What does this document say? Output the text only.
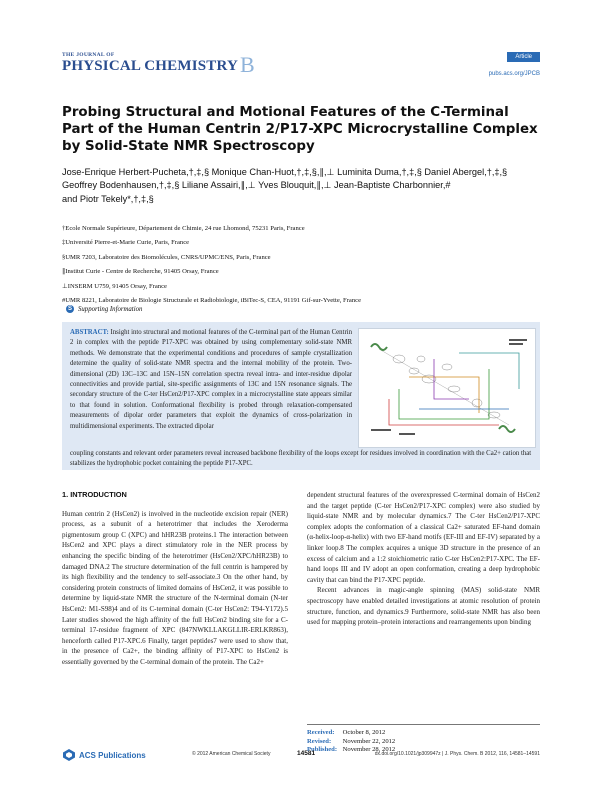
THE JOURNAL OF
PHYSICAL CHEMISTRYB	Article
pubs.acs.org/JPCB
Probing Structural and Motional Features of the C-Terminal Part of the Human Centrin 2/P17-XPC Microcrystalline Complex by Solid-State NMR Spectroscopy
Jose-Enrique Herbert-Pucheta,†,‡,§ Monique Chan-Huot,†,‡,§,∥,⊥ Luminita Duma,†,‡,§ Daniel Abergel,†,‡,§
Geoffrey Bodenhausen,†,‡,§ Liliane Assairi,∥,⊥ Yves Blouquit,∥,⊥ Jean-Baptiste Charbonnier,#
and Piotr Tekely*,†,‡,§
†Ecole Normale Supérieure, Département de Chimie, 24 rue Lhomond, 75231 Paris, France
‡Université Pierre-et-Marie Curie, Paris, France
§UMR 7203, Laboratoire des Biomolécules, CNRS/UPMC/ENS, Paris, France
∥Institut Curie - Centre de Recherche, 91405 Orsay, France
⊥INSERM U759, 91405 Orsay, France
#UMR 8221, Laboratoire de Biologie Structurale et Radiobiologie, iBiTec-S, CEA, 91191 Gif-sur-Yvette, France
S Supporting Information
ABSTRACT: Insight into structural and motional features of the C-terminal part of the Human Centrin 2 in complex with the peptide P17-XPC was obtained by using complementary solid-state NMR methods. We demonstrate that the experimental conditions and procedures of sample crystallization determine the quality of solid-state NMR spectra and the internal mobility of the protein. Two-dimensional (2D) 13C–13C and 15N–15N correlation spectra reveal intra- and inter-residue dipolar connectivities and provide partial, site-specific assignments of 13C and 15N resonance signals. The secondary structure of the C-ter HsCen2/P17-XPC complex in a microcrystalline state appears similar to that found in solution. Conformational flexibility is probed through relaxation-compensated measurements of dipolar order parameters that exploit the dynamics of cross-polarization in multidimensional experiments. The extracted dipolar
coupling constants and relevant order parameters reveal increased backbone flexibility of the loops except for residues involved in coordination with the Ca2+ cation that stabilizes the hydrophobic pocket containing the peptide P17-XPC.
1. INTRODUCTION

Human centrin 2 (HsCen2) is involved in the nucleotide excision repair (NER) process, as a subunit of a heterotrimer that includes the Xeroderma pigmentosum group C (XPC) and hHR23B proteins.1 The interaction between HsCen2 and XPC plays a direct stimulatory role in the NER process by enhancing the specific binding of the heterotrimer (HsCen2/XPC/hHR23B) to damaged DNA.2 The structure determination of the full centrin is hampered by its high flexibility and the tendency to self-associate.3 On the other hand, by considering protein constructs of limited domains of HsCen2, it was possible to determine by liquid-state NMR the structure of the N-terminal domain (N-ter HsCen2: M1-S98)4 and of its C-terminal domain (C-ter HsCen2: T94-Y172).5 Later studies showed the high affinity of the full HsCen2 binding site for a C-terminal 17-residue fragment of XPC (847NWKLLAKGLLIR-ERLKR863), henceforth called P17-XPC.6 Finally, target peptides7 were used to show that, in the presence of Ca2+, the binding affinity of P17-XPC to HsCen2 is essentially governed by the C-terminal domain of the protein. The Ca2+

dependent structural features of the overexpressed C-terminal domain of HsCen2 and the target peptide (C-ter HsCen2/P17-XPC complex) were also studied by liquid-state NMR and by molecular dynamics.7 The C-ter HsCen2/P17-XPC complex adopts the conformation of a classical Ca2+ saturated EF-hand domain (α-helix-loop-α-helix) with two EF-hand motifs (EF-III and EF-IV) separated by a linker loop.8 The complex acquires a unique 3D structure in the presence of an excess of calcium and a 1:2 stoichiometric ratio C-ter HsCen2:P17-XPC. The EF-hand loops III and IV adopt an open conformation, creating a deep hydrophobic cavity that can bind the P17-XPC peptide.

Recent advances in magic-angle spinning (MAS) solid-state NMR spectroscopy have enabled detailed investigations at atomic resolution of protein structure, function, and dynamics.9 Furthermore, solid-state NMR has also been used for mapping protein–protein interactions and rearrangements upon binding

Received: October 8, 2012
Revised: November 22, 2012
Published: November 28, 2012
ACS Publications	© 2012 American Chemical Society	14581	dx.doi.org/10.1021/jp309947z | J. Phys. Chem. B 2012, 116, 14581–14591
